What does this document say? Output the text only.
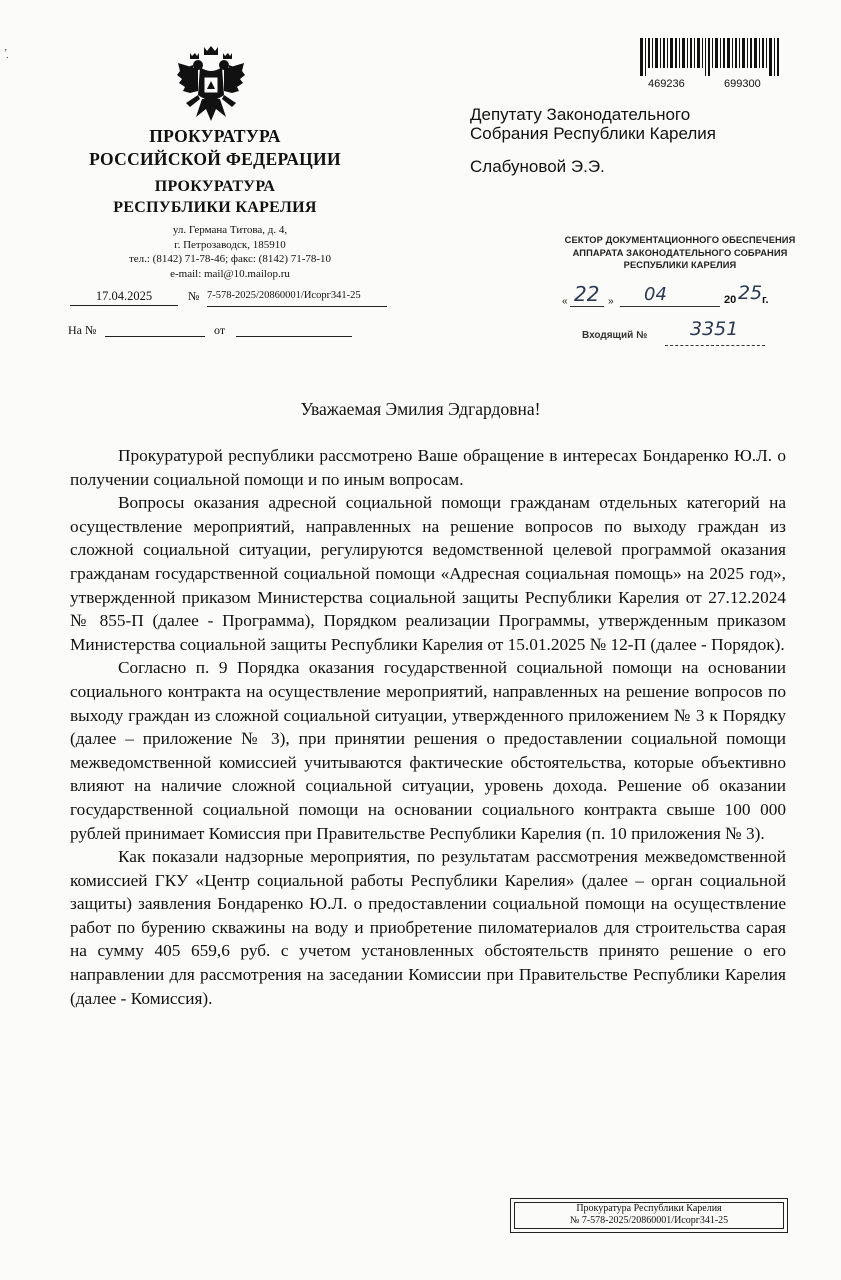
ʼ̣
ПРОКУРАТУРА
РОССИЙСКОЙ ФЕДЕРАЦИИ
ПРОКУРАТУРА
РЕСПУБЛИКИ КАРЕЛИЯ
ул. Германа Титова, д. 4,
г. Петрозаводск, 185910
тел.: (8142) 71-78-46; факс: (8142) 71-78-10
e-mail: mail@10.mailop.ru
17.04.2025	№ 7-578-2025/20860001/Исорг341-25
На №	от
469236	699300
Депутату Законодательного
Собрания Республики Карелия
Слабуновой Э.Э.
СЕКТОР ДОКУМЕНТАЦИОННОГО ОБЕСПЕЧЕНИЯ
АППАРАТА ЗАКОНОДАТЕЛЬНОГО СОБРАНИЯ
РЕСПУБЛИКИ КАРЕЛИЯ
« 22 » 04	20 25 г.
Входящий № 3351
Уважаемая Эмилия Эдгардовна!

Прокуратурой республики рассмотрено Ваше обращение в интересах Бондаренко Ю.Л. о получении социальной помощи и по иным вопросам.

Вопросы оказания адресной социальной помощи гражданам отдельных категорий на осуществление мероприятий, направленных на решение вопросов по выходу граждан из сложной социальной ситуации, регулируются ведомственной целевой программой оказания гражданам государственной социальной помощи «Адресная социальная помощь» на 2025 год», утвержденной приказом Министерства социальной защиты Республики Карелия от 27.12.2024 № 855-П (далее - Программа), Порядком реализации Программы, утвержденным приказом Министерства социальной защиты Республики Карелия от 15.01.2025 № 12-П (далее - Порядок).

Согласно п. 9 Порядка оказания государственной социальной помощи на основании социального контракта на осуществление мероприятий, направленных на решение вопросов по выходу граждан из сложной социальной ситуации, утвержденного приложением № 3 к Порядку (далее – приложение № 3), при принятии решения о предоставлении социальной помощи межведомственной комиссией учитываются фактические обстоятельства, которые объективно влияют на наличие сложной социальной ситуации, уровень дохода. Решение об оказании государственной социальной помощи на основании социального контракта свыше 100 000 рублей принимает Комиссия при Правительстве Республики Карелия (п. 10 приложения № 3).

Как показали надзорные мероприятия, по результатам рассмотрения межведомственной комиссией ГКУ «Центр социальной работы Республики Карелия» (далее – орган социальной защиты) заявления Бондаренко Ю.Л. о предоставлении социальной помощи на осуществление работ по бурению скважины на воду и приобретение пиломатериалов для строительства сарая на сумму 405 659,6 руб. с учетом установленных обстоятельств принято решение о его направлении для рассмотрения на заседании Комиссии при Правительстве Республики Карелия (далее - Комиссия).

Прокуратура Республики Карелия
№ 7-578-2025/20860001/Исорг341-25
